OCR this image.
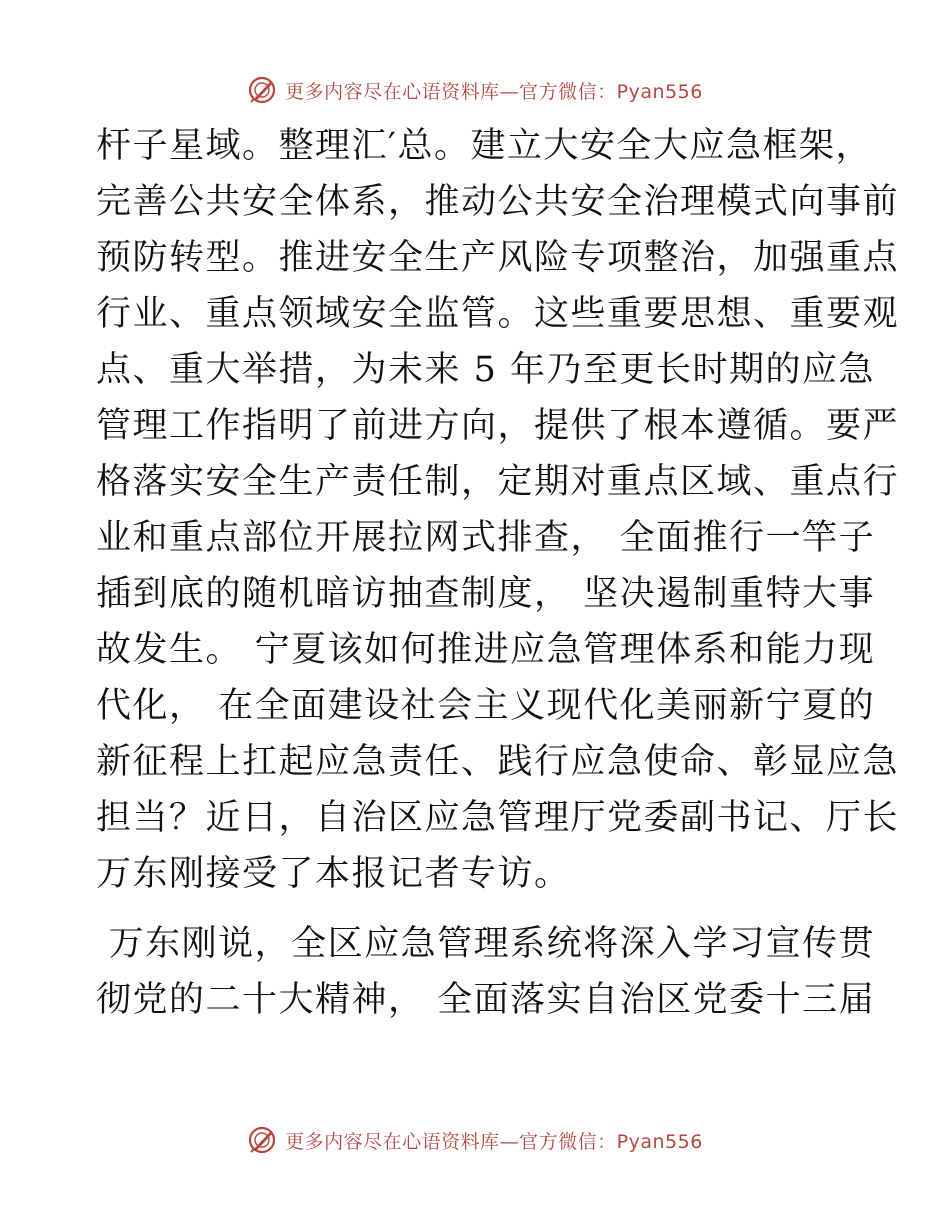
更多内容尽在心语资料库—官方微信：Pyan556
杆子星域。整理汇′总。建立大安全大应急框架，
完善公共安全体系，推动公共安全治理模式向事前
预防转型。推进安全生产风险专项整治，加强重点
行业、重点领域安全监管。这些重要思想、重要观
点、重大举措，为未来 5 年乃至更长时期的应急
管理工作指明了前进方向，提供了根本遵循。要严
格落实安全生产责任制，定期对重点区域、重点行
业和重点部位开展拉网式排查， 全面推行一竿子
插到底的随机暗访抽查制度， 坚决遏制重特大事
故发生。 宁夏该如何推进应急管理体系和能力现
代化， 在全面建设社会主义现代化美丽新宁夏的
新征程上扛起应急责任、践行应急使命、彰显应急
担当？近日，自治区应急管理厅党委副书记、厅长
万东刚接受了本报记者专访。
万东刚说，全区应急管理系统将深入学习宣传贯
彻党的二十大精神， 全面落实自治区党委十三届
更多内容尽在心语资料库—官方微信：Pyan556
